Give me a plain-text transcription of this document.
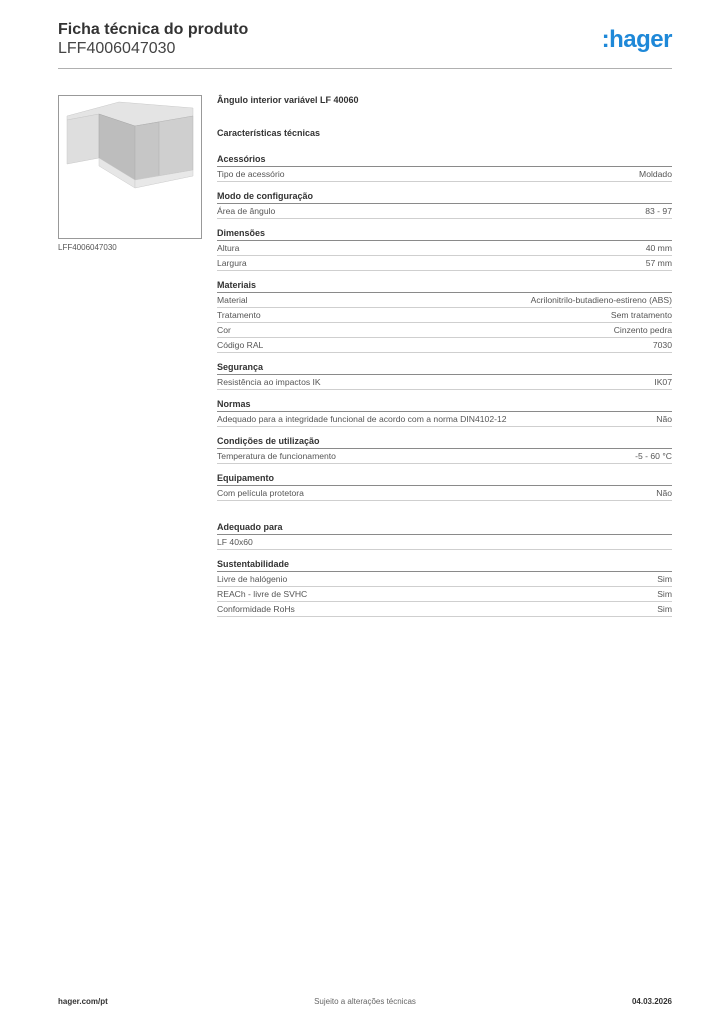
Ficha técnica do produto
LFF4006047030	:hager
LFF4006047030
Ângulo interior variável LF 40060
Características técnicas
Acessórios
Tipo de acessório	Moldado
Modo de configuração
Área de ângulo	83 - 97
Dimensões
Altura	40 mm
Largura	57 mm
Materiais
Material	Acrilonitrilo-butadieno-estireno (ABS)
Tratamento	Sem tratamento
Cor	Cinzento pedra
Código RAL	7030
Segurança
Resistência ao impactos IK	IK07
Normas
Adequado para a integridade funcional de acordo com a norma DIN4102-12	Não
Condições de utilização
Temperatura de funcionamento	-5 - 60 °C
Equipamento
Com película protetora	Não
Adequado para
LF 40x60
Sustentabilidade
Livre de halógenio	Sim
REACh - livre de SVHC	Sim
Conformidade RoHs	Sim
hager.com/pt	Sujeito a alterações técnicas	04.03.2026
